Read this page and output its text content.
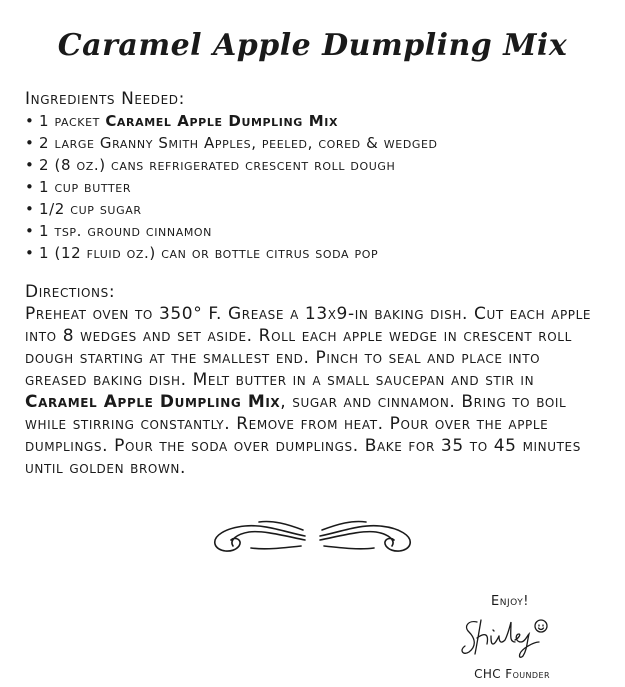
Caramel Apple Dumpling Mix

Ingredients Needed:

• 1 packet Caramel Apple Dumpling Mix
• 2 large Granny Smith Apples, peeled, cored & wedged
• 2 (8 oz.) cans refrigerated crescent roll dough
• 1 cup butter
• 1/2 cup sugar
• 1 tsp. ground cinnamon
• 1 (12 fluid oz.) can or bottle citrus soda pop

Directions:

Preheat oven to 350° F. Grease a 13x9-in baking dish. Cut each apple into 8 wedges and set aside. Roll each apple wedge in crescent roll dough starting at the smallest end. Pinch to seal and place into greased baking dish. Melt butter in a small saucepan and stir in Caramel Apple Dumpling Mix, sugar and cinnamon. Bring to boil while stirring constantly. Remove from heat. Pour over the apple dumplings. Pour the soda over dumplings. Bake for 35 to 45 minutes until golden brown.

Enjoy!
CHC Founder
